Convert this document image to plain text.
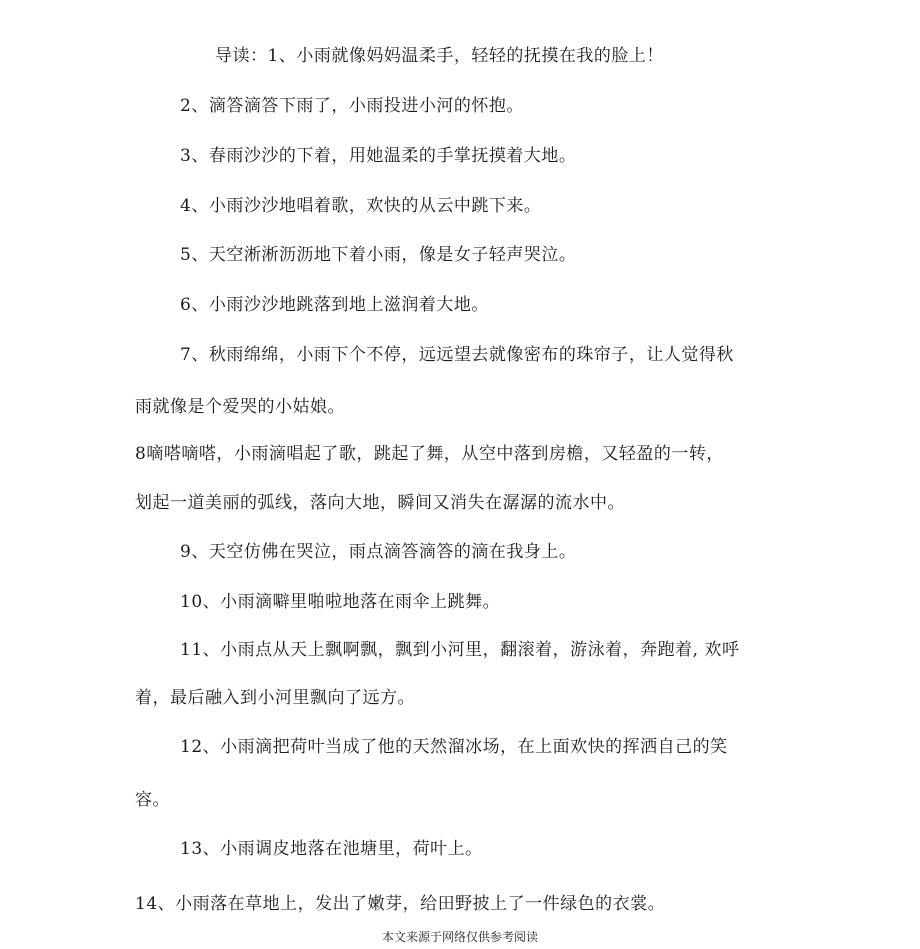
导读：1、小雨就像妈妈温柔手，轻轻的抚摸在我的脸上！
2、滴答滴答下雨了，小雨投进小河的怀抱。
3、春雨沙沙的下着，用她温柔的手掌抚摸着大地。
4、小雨沙沙地唱着歌，欢快的从云中跳下来。
5、天空淅淅沥沥地下着小雨，像是女子轻声哭泣。
6、小雨沙沙地跳落到地上滋润着大地。
7、秋雨绵绵，小雨下个不停，远远望去就像密布的珠帘子，让人觉得秋
雨就像是个爱哭的小姑娘。
8嘀嗒嘀嗒，小雨滴唱起了歌，跳起了舞，从空中落到房檐，又轻盈的一转，
划起一道美丽的弧线，落向大地，瞬间又消失在潺潺的流水中。
9、天空仿佛在哭泣，雨点滴答滴答的滴在我身上。
10、小雨滴噼里啪啦地落在雨伞上跳舞。
11、小雨点从天上飘啊飘，飘到小河里，翻滚着，游泳着，奔跑着, 欢呼
着，最后融入到小河里飘向了远方。
12、小雨滴把荷叶当成了他的天然溜冰场，在上面欢快的挥洒自己的笑
容。
13、小雨调皮地落在池塘里，荷叶上。
14、小雨落在草地上，发出了嫩芽，给田野披上了一件绿色的衣裳。
本文来源于网络仅供参考阅读
